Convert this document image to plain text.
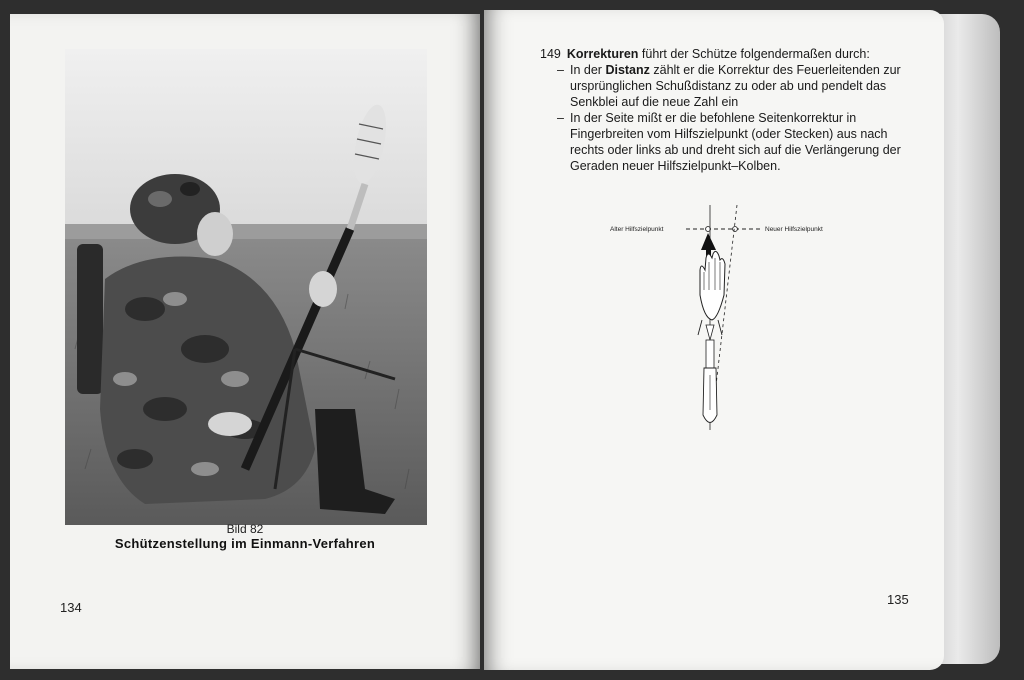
Bild 82
Schützenstellung im Einmann-Verfahren
134

149 Korrekturen führt der Schütze folgendermaßen durch:

– In der Distanz zählt er die Korrektur des Feuerleitenden zur ursprünglichen Schußdistanz zu oder ab und pendelt das Senkblei auf die neue Zahl ein
– In der Seite mißt er die befohlene Seitenkorrektur in Fingerbreiten vom Hilfszielpunkt (oder Stecken) aus nach rechts oder links ab und dreht sich auf die Verlängerung der Geraden neuer Hilfszielpunkt–Kolben.
Alter Hilfszielpunkt	Neuer Hilfszielpunkt
135
